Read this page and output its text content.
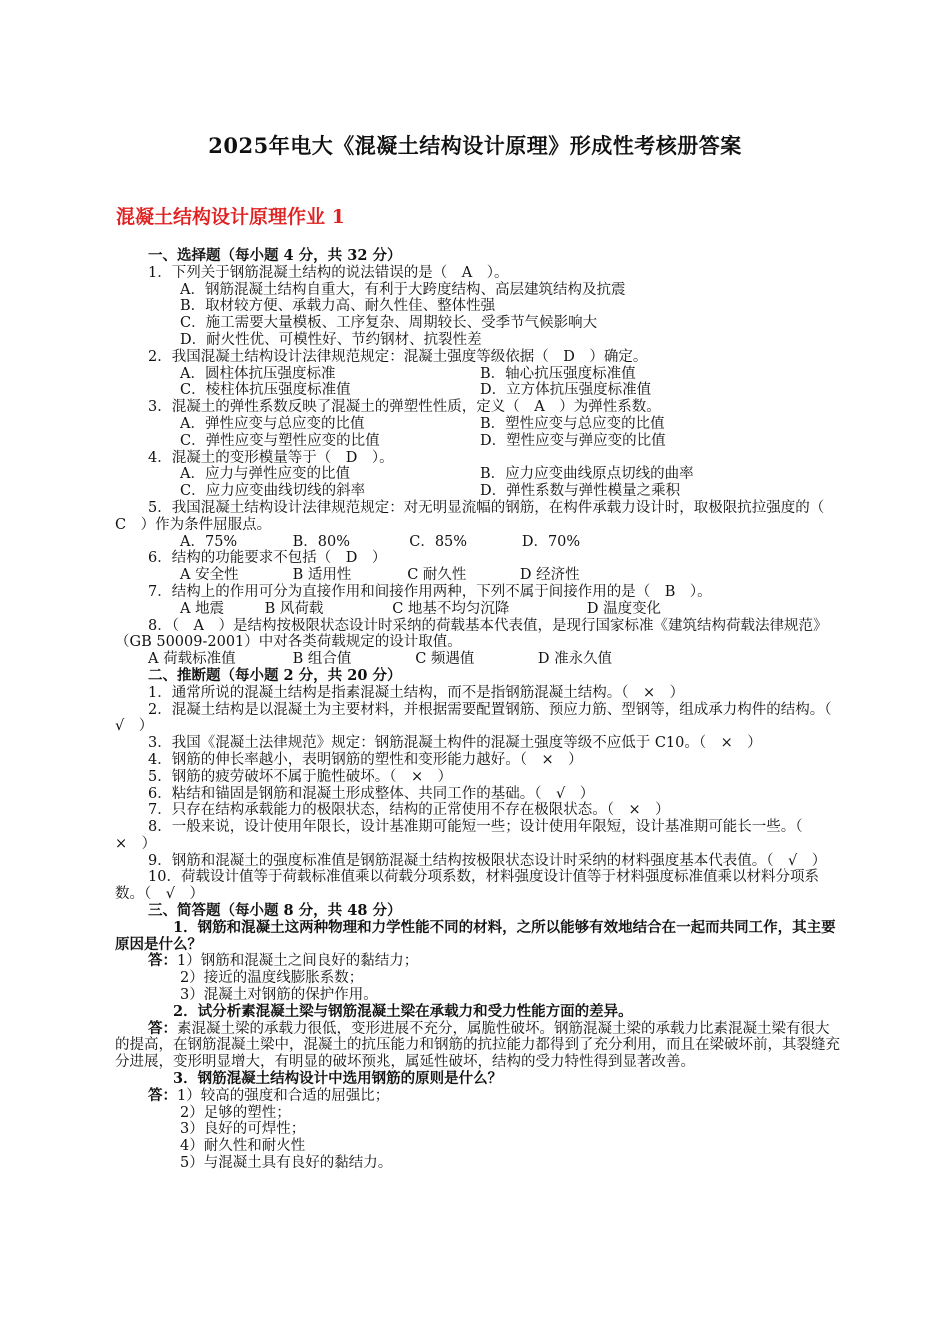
2025年电大《混凝土结构设计原理》形成性考核册答案
混凝土结构设计原理作业 1
一、选择题（每小题 4 分，共 32 分）
1．下列关于钢筋混凝土结构的说法错误的是（　A　）。
A．钢筋混凝土结构自重大，有利于大跨度结构、高层建筑结构及抗震
B．取材较方便、承载力高、耐久性佳、整体性强
C．施工需要大量模板、工序复杂、周期较长、受季节气候影响大
D．耐火性优、可模性好、节约钢材、抗裂性差
2．我国混凝土结构设计法律规范规定：混凝土强度等级依据（　D　）确定。
A．圆柱体抗压强度标准	B．轴心抗压强度标准值
C．棱柱体抗压强度标准值	D．立方体抗压强度标准值
3．混凝土的弹性系数反映了混凝土的弹塑性性质，定义（　A　）为弹性系数。
A．弹性应变与总应变的比值	B．塑性应变与总应变的比值
C．弹性应变与塑性应变的比值	D．塑性应变与弹应变的比值
4．混凝土的变形模量等于（　D　）。
A．应力与弹性应变的比值	B．应力应变曲线原点切线的曲率
C．应力应变曲线切线的斜率	D．弹性系数与弹性模量之乘积
5．我国混凝土结构设计法律规范规定：对无明显流幅的钢筋，在构件承载力设计时，取极限抗拉强度的（　C　）作为条件屈服点。
A．75%	B．80%	C．85%	D．70%
6．结构的功能要求不包括（　D　）
A 安全性	B 适用性	C 耐久性	D 经济性
7．结构上的作用可分为直接作用和间接作用两种，下列不属于间接作用的是（　B　）。
A 地震	B 风荷载	C 地基不均匀沉降	D 温度变化
8．（　A　）是结构按极限状态设计时采纳的荷载基本代表值，是现行国家标准《建筑结构荷载法律规范》（GB 50009-2001）中对各类荷载规定的设计取值。
A 荷载标准值	B 组合值	C 频遇值	D 准永久值
二、推断题（每小题 2 分，共 20 分）
1．通常所说的混凝土结构是指素混凝土结构，而不是指钢筋混凝土结构。（　×　）
2．混凝土结构是以混凝土为主要材料，并根据需要配置钢筋、预应力筋、型钢等，组成承力构件的结构。（　√　）
3．我国《混凝土法律规范》规定：钢筋混凝土构件的混凝土强度等级不应低于 C10。（　×　）
4．钢筋的伸长率越小，表明钢筋的塑性和变形能力越好。（　×　）
5．钢筋的疲劳破坏不属于脆性破坏。（　×　）
6．粘结和锚固是钢筋和混凝土形成整体、共同工作的基础。（　√　）
7．只存在结构承载能力的极限状态，结构的正常使用不存在极限状态。（　×　）
8．一般来说，设计使用年限长，设计基准期可能短一些；设计使用年限短，设计基准期可能长一些。（　×　）
9．钢筋和混凝土的强度标准值是钢筋混凝土结构按极限状态设计时采纳的材料强度基本代表值。（　√　）
10．荷载设计值等于荷载标准值乘以荷载分项系数，材料强度设计值等于材料强度标准值乘以材料分项系数。（　√　）
三、简答题（每小题 8 分，共 48 分）
1．钢筋和混凝土这两种物理和力学性能不同的材料，之所以能够有效地结合在一起而共同工作，其主要原因是什么？
答：1）钢筋和混凝土之间良好的黏结力；
2）接近的温度线膨胀系数；
3）混凝土对钢筋的保护作用。
2．试分析素混凝土梁与钢筋混凝土梁在承载力和受力性能方面的差异。
答：素混凝土梁的承载力很低，变形进展不充分，属脆性破坏。钢筋混凝土梁的承载力比素混凝土梁有很大的提高，在钢筋混凝土梁中，混凝土的抗压能力和钢筋的抗拉能力都得到了充分利用，而且在梁破坏前，其裂缝充分进展，变形明显增大，有明显的破坏预兆，属延性破坏，结构的受力特性得到显著改善。
3．钢筋混凝土结构设计中选用钢筋的原则是什么？
答：1）较高的强度和合适的屈强比；
2）足够的塑性；
3）良好的可焊性；
4）耐久性和耐火性
5）与混凝土具有良好的黏结力。
